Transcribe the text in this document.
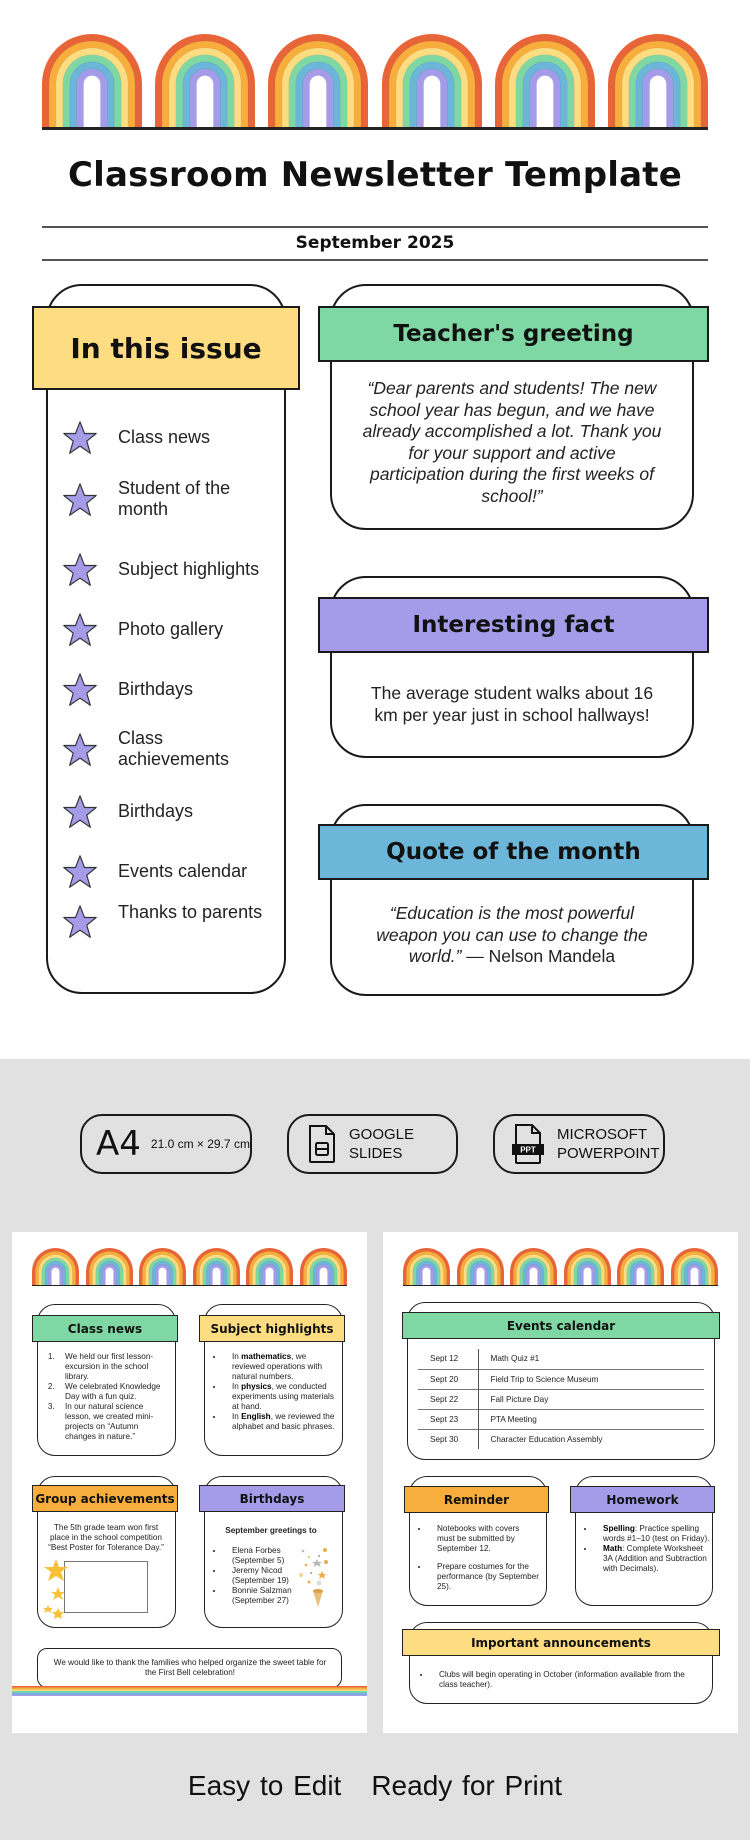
Classroom Newsletter Template
September 2025
In this issue
Class news
Student of the month
Subject highlights
Photo gallery
Birthdays
Class achievements
Birthdays
Events calendar
Thanks to parents
Teacher's greeting
“Dear parents and students! The new school year has begun, and we have already accomplished a lot. Thank you for your support and active participation during the first weeks of school!”
Interesting fact
The average student walks about 16 km per year just in school hallways!
Quote of the month
“Education is the most powerful weapon you can use to change the world.” — Nelson Mandela
A4 21.0 cm × 29.7 cm
GOOGLE
SLIDES	PPT
MICROSOFT
POWERPOINT
Class news
1. We held our first lesson-excursion in the school library.
2. We celebrated Knowledge Day with a fun quiz.
3. In our natural science lesson, we created mini-projects on “Autumn changes in nature.”
Subject highlights
• In mathematics, we reviewed operations with natural numbers.
• In physics, we conducted experiments using materials at hand.
• In English, we reviewed the alphabet and basic phrases.
Group achievements
The 5th grade team won first place in the school competition “Best Poster for Tolerance Day.”
Birthdays
September greetings to
• Elena Forbes
(September 5)
• Jeremy Nicod
(September 19)
• Bonnie Salzman
(September 27)
We would like to thank the families who helped organize the sweet table for the First Bell celebration!
Events calendar
Sept 12	Math Quiz #1
Sept 20	Field Trip to Science Museum
Sept 22	Fall Picture Day
Sept 23	PTA Meeting
Sept 30	Character Education Assembly
Reminder
• Notebooks with covers must be submitted by September 12.
• Prepare costumes for the performance (by September 25).
Homework
• Spelling: Practice spelling words #1–10 (test on Friday).
• Math: Complete Worksheet 3A (Addition and Subtraction with Decimals).
Important announcements
• Clubs will begin operating in October (information available from the class teacher).
Easy to Edit Ready for Print
